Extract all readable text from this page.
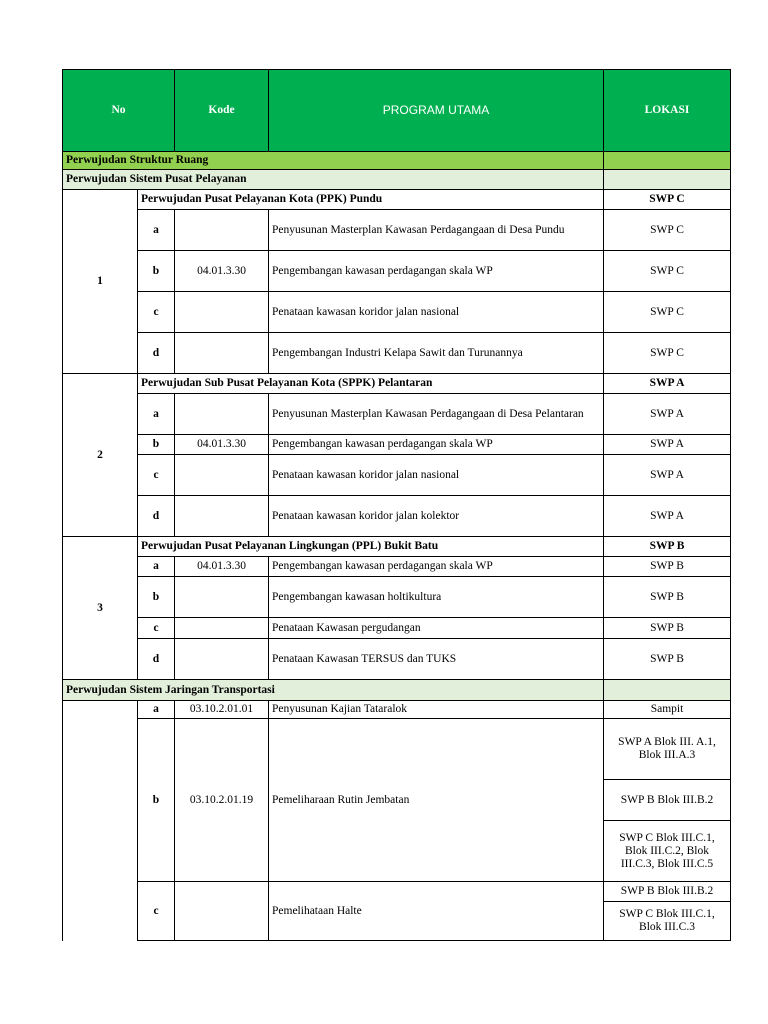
No		Kode	PROGRAM UTAMA	LOKASI
Perwujudan Struktur Ruang				
Perwujudan Sistem Pusat Pelayanan				
1	Perwujudan Pusat Pelayanan Kota (PPK) Pundu			SWP C
	a		Penyusunan Masterplan Kawasan Perdagangaan di Desa Pundu	SWP C
	b	04.01.3.30	Pengembangan kawasan perdagangan skala WP	SWP C
	c		Penataan kawasan koridor jalan nasional	SWP C
	d		Pengembangan Industri Kelapa Sawit dan Turunannya	SWP C
2	Perwujudan Sub Pusat Pelayanan Kota (SPPK) Pelantaran			SWP A
	a		Penyusunan Masterplan Kawasan Perdagangaan di Desa Pelantaran	SWP A
	b	04.01.3.30	Pengembangan kawasan perdagangan skala WP	SWP A
	c		Penataan kawasan koridor jalan nasional	SWP A
	d		Penataan kawasan koridor jalan kolektor	SWP A
3	Perwujudan Pusat Pelayanan Lingkungan (PPL) Bukit Batu			SWP B
	a	04.01.3.30	Pengembangan kawasan perdagangan skala WP	SWP B
	b		Pengembangan kawasan holtikultura	SWP B
	c		Penataan Kawasan pergudangan	SWP B
	d		Penataan Kawasan TERSUS dan TUKS	SWP B
Perwujudan Sistem Jaringan Transportasi				
	a	03.10.2.01.01	Penyusunan Kajian Tataralok	Sampit
	b	03.10.2.01.19	Pemeliharaan Rutin Jembatan	SWP A Blok III. A.1, Blok III.A.3
SWP B Blok III.B.2
SWP C Blok III.C.1, Blok III.C.2, Blok III.C.3, Blok III.C.5

	c		Pemelihataan Halte	SWP B Blok III.B.2
SWP C Blok III.C.1, Blok III.C.3
